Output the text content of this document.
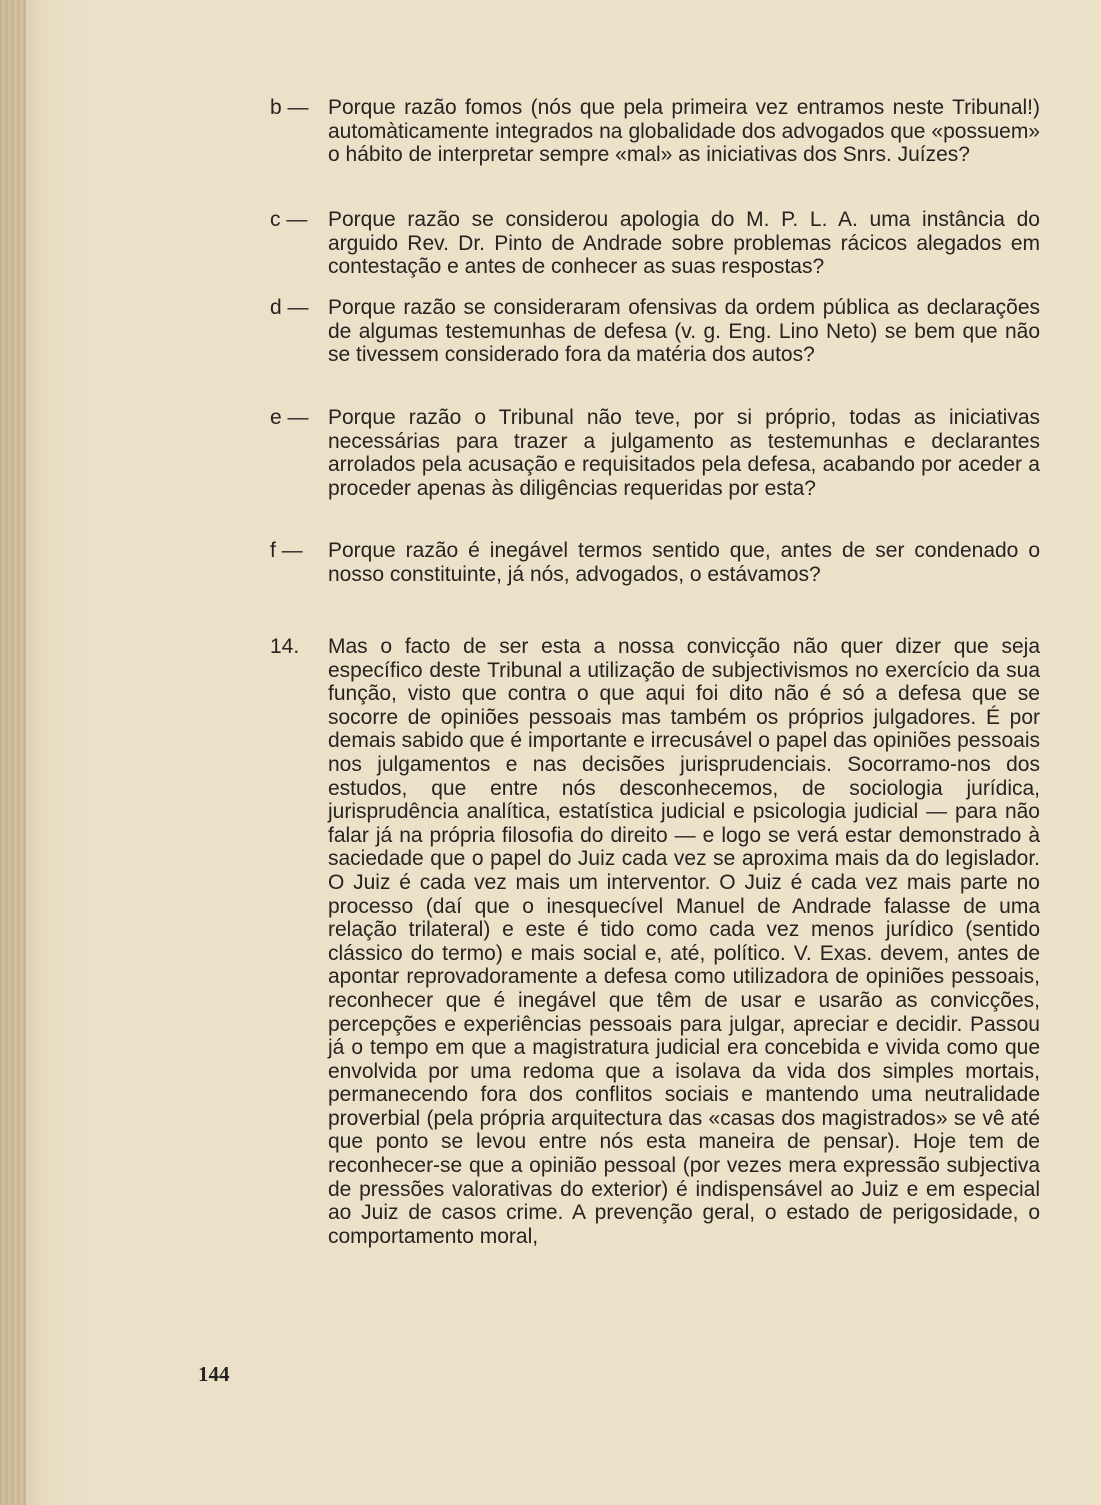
b — Porque razão fomos (nós que pela primeira vez entramos neste Tribunal!) automàticamente integrados na globalidade dos advogados que «possuem» o hábito de interpretar sempre «mal» as iniciativas dos Snrs. Juízes?
c — Porque razão se considerou apologia do M. P. L. A. uma instância do arguido Rev. Dr. Pinto de Andrade sobre problemas rácicos alegados em contestação e antes de conhecer as suas respostas?
d — Porque razão se consideraram ofensivas da ordem pública as declarações de algumas testemunhas de defesa (v. g. Eng. Lino Neto) se bem que não se tivessem considerado fora da matéria dos autos?
e — Porque razão o Tribunal não teve, por si próprio, todas as iniciativas necessárias para trazer a julgamento as testemunhas e declarantes arrolados pela acusação e requisitados pela defesa, acabando por aceder a proceder apenas às diligências requeridas por esta?
f —	Porque razão é inegável termos sentido que, antes de ser condenado o nosso constituinte, já nós, advogados, o estávamos?
14. Mas o facto de ser esta a nossa convicção não quer dizer que seja específico deste Tribunal a utilização de subjectivismos no exercício da sua função, visto que contra o que aqui foi dito não é só a defesa que se socorre de opiniões pessoais mas também os próprios julgadores. É por demais sabido que é importante e irrecusável o papel das opiniões pessoais nos julgamentos e nas decisões jurisprudenciais. Socorramo-nos dos estudos, que entre nós desconhecemos, de sociologia jurídica, jurisprudência analítica, estatística judicial e psicologia judicial — para não falar já na própria filosofia do direito — e logo se verá estar demonstrado à saciedade que o papel do Juiz cada vez se aproxima mais da do legislador. O Juiz é cada vez mais um interventor. O Juiz é cada vez mais parte no processo (daí que o inesquecível Manuel de Andrade falasse de uma relação trilateral) e este é tido como cada vez menos jurídico (sentido clássico do termo) e mais social e, até, político. V. Exas. devem, antes de apontar reprovadoramente a defesa como utilizadora de opiniões pessoais, reconhecer que é inegável que têm de usar e usarão as convicções, percepções e experiências pessoais para julgar, apreciar e decidir. Passou já o tempo em que a magistratura judicial era concebida e vivida como que envolvida por uma redoma que a isolava da vida dos simples mortais, permanecendo fora dos conflitos sociais e mantendo uma neutralidade proverbial (pela própria arquitectura das «casas dos magistrados» se vê até que ponto se levou entre nós esta maneira de pensar). Hoje tem de reconhecer-se que a opinião pessoal (por vezes mera expressão subjectiva de pressões valorativas do exterior) é indispensável ao Juiz e em especial ao Juiz de casos crime. A prevenção geral, o estado de perigosidade, o comportamento moral,
144
